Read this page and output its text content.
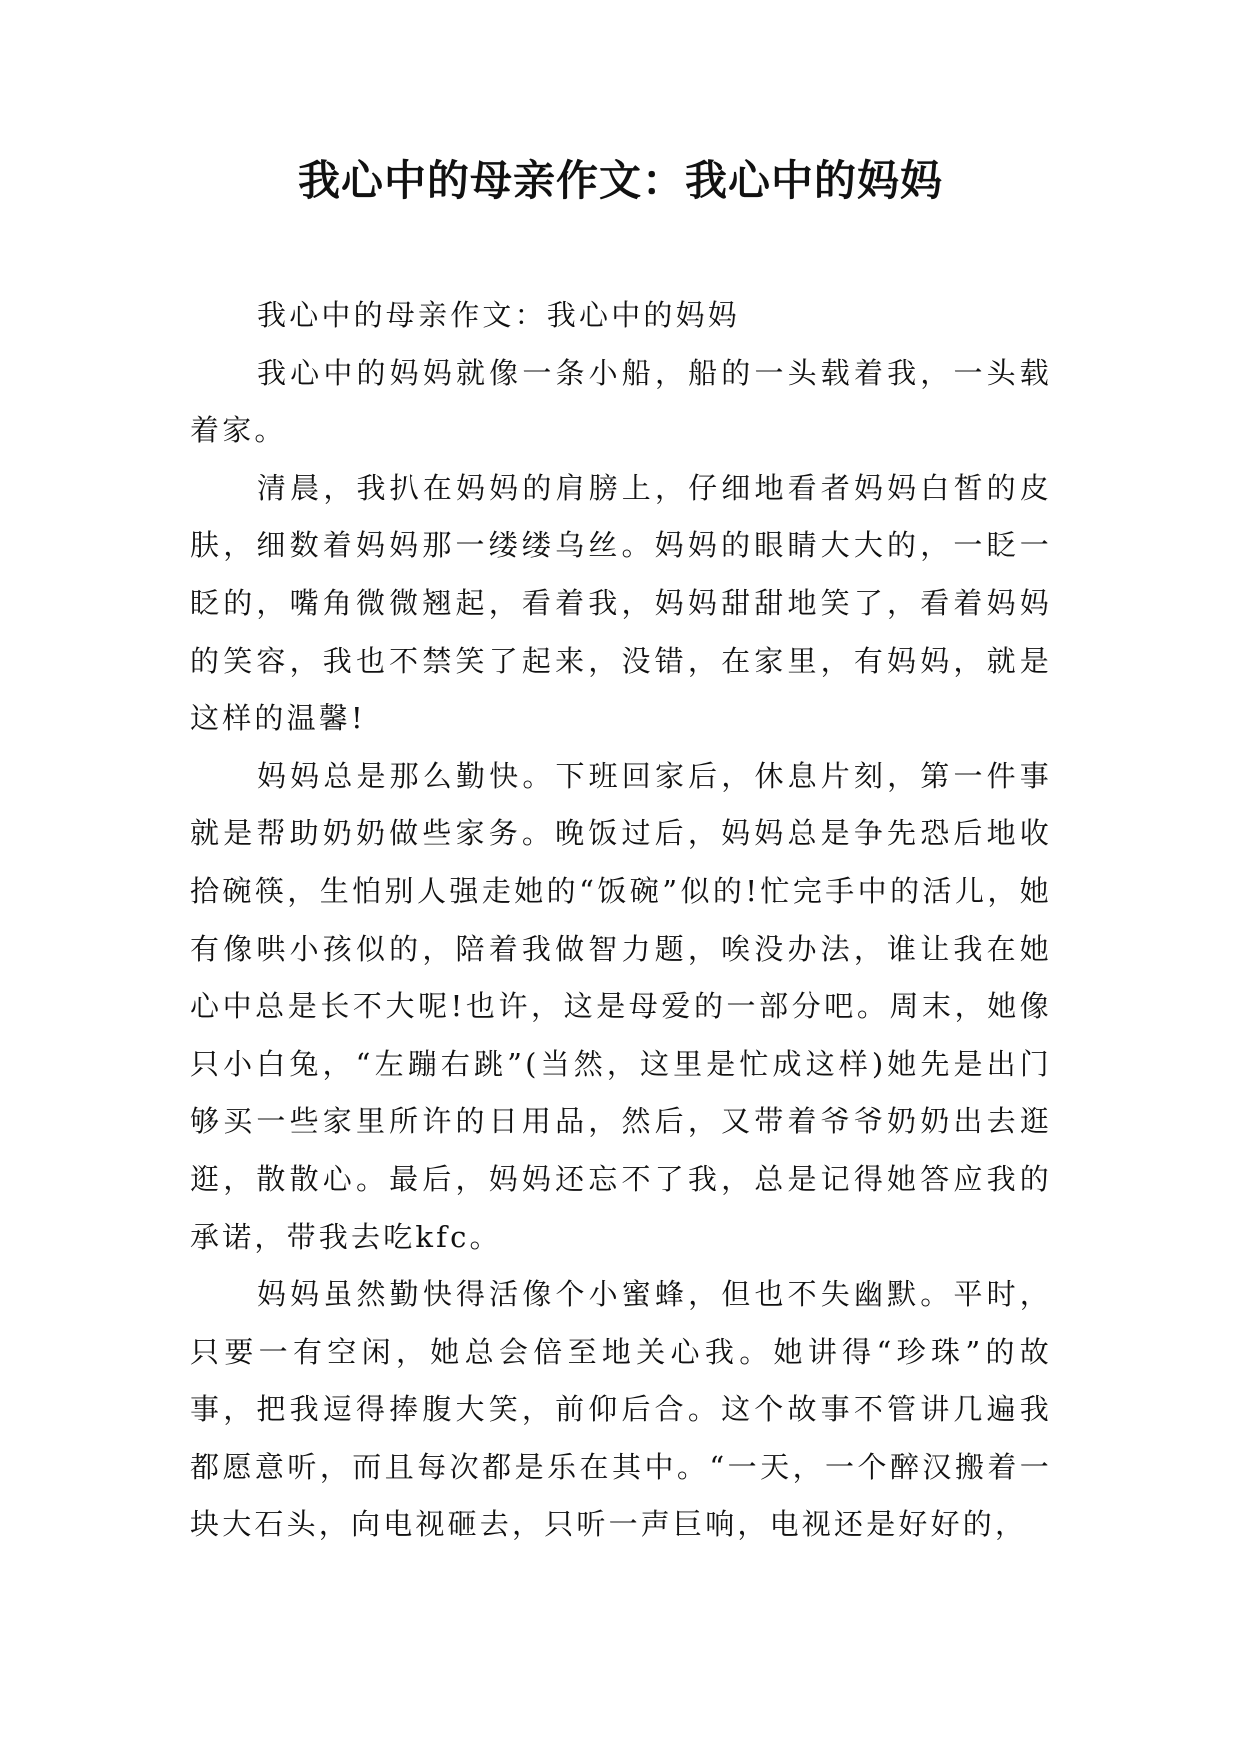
我心中的母亲作文：我心中的妈妈

我心中的母亲作文：我心中的妈妈

我心中的妈妈就像一条小船，船的一头载着我，一头载着家。

清晨，我扒在妈妈的肩膀上，仔细地看者妈妈白皙的皮肤，细数着妈妈那一缕缕乌丝。妈妈的眼睛大大的，一眨一眨的，嘴角微微翘起，看着我，妈妈甜甜地笑了，看着妈妈的笑容，我也不禁笑了起来，没错，在家里，有妈妈，就是这样的温馨!

妈妈总是那么勤快。下班回家后，休息片刻，第一件事就是帮助奶奶做些家务。晚饭过后，妈妈总是争先恐后地收拾碗筷，生怕别人强走她的“饭碗”似的!忙完手中的活儿，她有像哄小孩似的，陪着我做智力题，唉没办法，谁让我在她心中总是长不大呢!也许，这是母爱的一部分吧。周末，她像只小白兔，“左蹦右跳”(当然，这里是忙成这样)她先是出门够买一些家里所许的日用品，然后，又带着爷爷奶奶出去逛逛，散散心。最后，妈妈还忘不了我，总是记得她答应我的承诺，带我去吃kfc。

妈妈虽然勤快得活像个小蜜蜂，但也不失幽默。平时，只要一有空闲，她总会倍至地关心我。她讲得“珍珠”的故事，把我逗得捧腹大笑，前仰后合。这个故事不管讲几遍我都愿意听，而且每次都是乐在其中。“一天，一个醉汉搬着一块大石头，向电视砸去，只听一声巨响，电视还是好好的，
